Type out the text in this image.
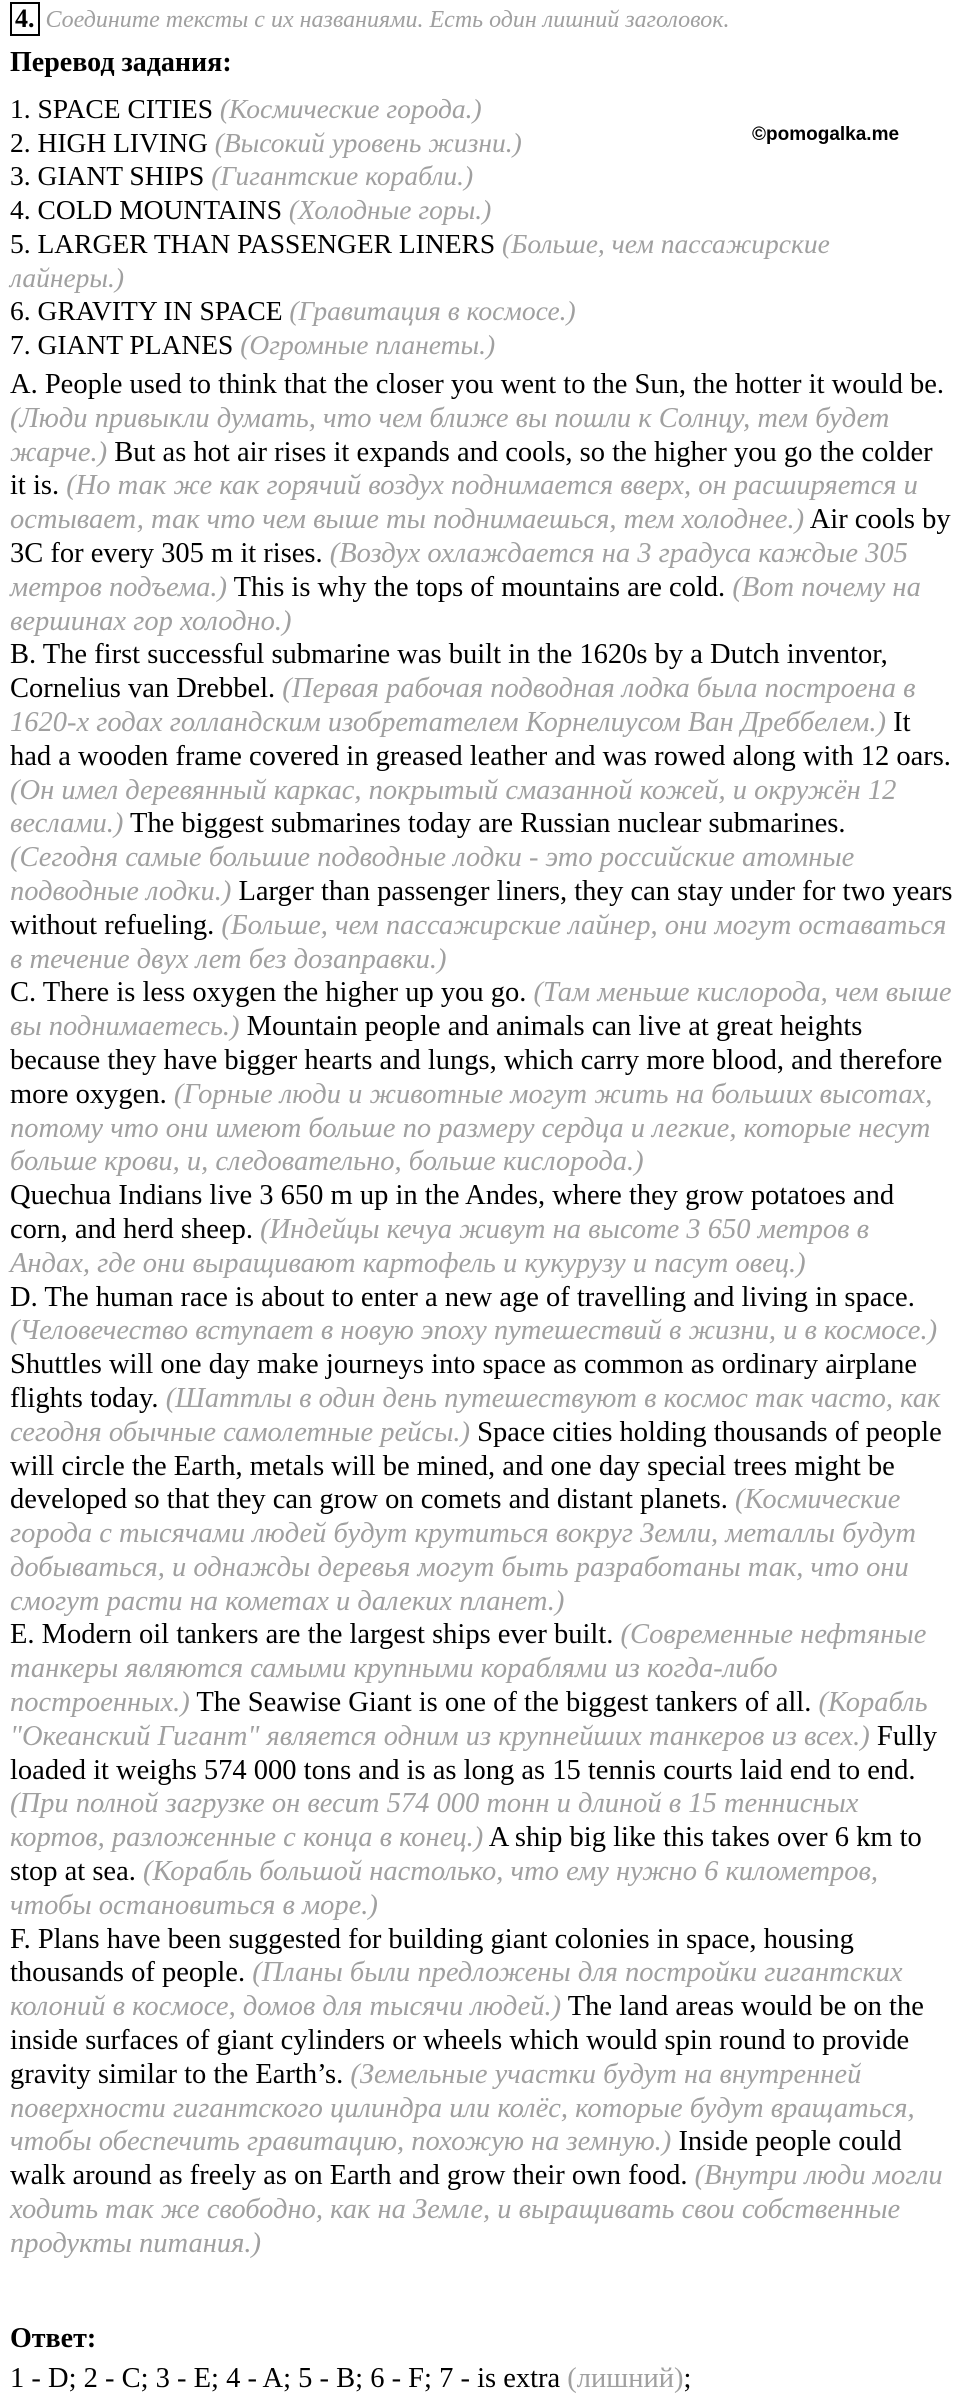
4. Соедините тексты с их названиями. Есть один лишний заголовок.
Перевод задания:
1. SPACE CITIES (Космические города.)
2. HIGH LIVING (Высокий уровень жизни.)
3. GIANT SHIPS (Гигантские корабли.)
4. COLD MOUNTAINS (Холодные горы.)
5. LARGER THAN PASSENGER LINERS (Больше, чем пассажирские лайнеры.)
6. GRAVITY IN SPACE (Гравитация в космосе.)
7. GIANT PLANES (Огромные планеты.)
©pomogalka.me

A. People used to think that the closer you went to the Sun, the hotter it would be. (Люди привыкли думать, что чем ближе вы пошли к Солнцу, тем будет жарче.) But as hot air rises it expands and cools, so the higher you go the colder it is. (Но так же как горячий воздух поднимается вверх, он расширяется и остывает, так что чем выше ты поднимаешься, тем холоднее.) Air cools by 3C for every 305 m it rises. (Воздух охлаждается на 3 градуса каждые 305 метров подъема.) This is why the tops of mountains are cold. (Вот почему на вершинах гор холодно.)

B. The first successful submarine was built in the 1620s by a Dutch inventor, Cornelius van Drebbel. (Первая рабочая подводная лодка была построена в 1620-х годах голландским изобретателем Корнелиусом Ван Дреббелем.) It had a wooden frame covered in greased leather and was rowed along with 12 oars. (Он имел деревянный каркас, покрытый смазанной кожей, и окружён 12 веслами.) The biggest submarines today are Russian nuclear submarines. (Сегодня самые большие подводные лодки - это российские атомные подводные лодки.) Larger than passenger liners, they can stay under for two years without refueling. (Больше, чем пассажирские лайнер, они могут оставаться в течение двух лет без дозаправки.)

C. There is less oxygen the higher up you go. (Там меньше кислорода, чем выше вы поднимаетесь.) Mountain people and animals can live at great heights because they have bigger hearts and lungs, which carry more blood, and therefore more oxygen. (Горные люди и животные могут жить на больших высотах, потому что они имеют больше по размеру сердца и легкие, которые несут больше крови, и, следовательно, больше кислорода.)

Quechua Indians live 3 650 m up in the Andes, where they grow potatoes and corn, and herd sheep. (Индейцы кечуа живут на высоте 3 650 метров в Андах, где они выращивают картофель и кукурузу и пасут овец.)

D. The human race is about to enter a new age of travelling and living in space. (Человечество вступает в новую эпоху путешествий в жизни, и в космосе.) Shuttles will one day make journeys into space as common as ordinary airplane flights today. (Шаттлы в один день путешествуют в космос так часто, как сегодня обычные самолетные рейсы.) Space cities holding thousands of people will circle the Earth, metals will be mined, and one day special trees might be developed so that they can grow on comets and distant planets. (Космические города с тысячами людей будут крутиться вокруг Земли, металлы будут добываться, и однажды деревья могут быть разработаны так, что они смогут расти на кометах и далеких планет.)

E. Modern oil tankers are the largest ships ever built. (Современные нефтяные танкеры являются самыми крупными кораблями из когда-либо построенных.) The Seawise Giant is one of the biggest tankers of all. (Корабль "Океанский Гигант" является одним из крупнейших танкеров из всех.) Fully loaded it weighs 574 000 tons and is as long as 15 tennis courts laid end to end. (При полной загрузке он весит 574 000 тонн и длиной в 15 теннисных кортов, разложенные с конца в конец.) A ship big like this takes over 6 km to stop at sea. (Корабль большой настолько, что ему нужно 6 километров, чтобы остановиться в море.)

F. Plans have been suggested for building giant colonies in space, housing thousands of people. (Планы были предложены для постройки гигантских колоний в космосе, домов для тысячи людей.) The land areas would be on the inside surfaces of giant cylinders or wheels which would spin round to provide gravity similar to the Earth’s. (Земельные участки будут на внутренней поверхности гигантского цилиндра или колёс, которые будут вращаться, чтобы обеспечить гравитацию, похожую на земную.) Inside people could walk around as freely as on Earth and grow their own food. (Внутри люди могли ходить так же свободно, как на Земле, и выращивать свои собственные продукты питания.)

Ответ:
1 - D; 2 - C; 3 - E; 4 - A; 5 - B; 6 - F; 7 - is extra (лишний);
